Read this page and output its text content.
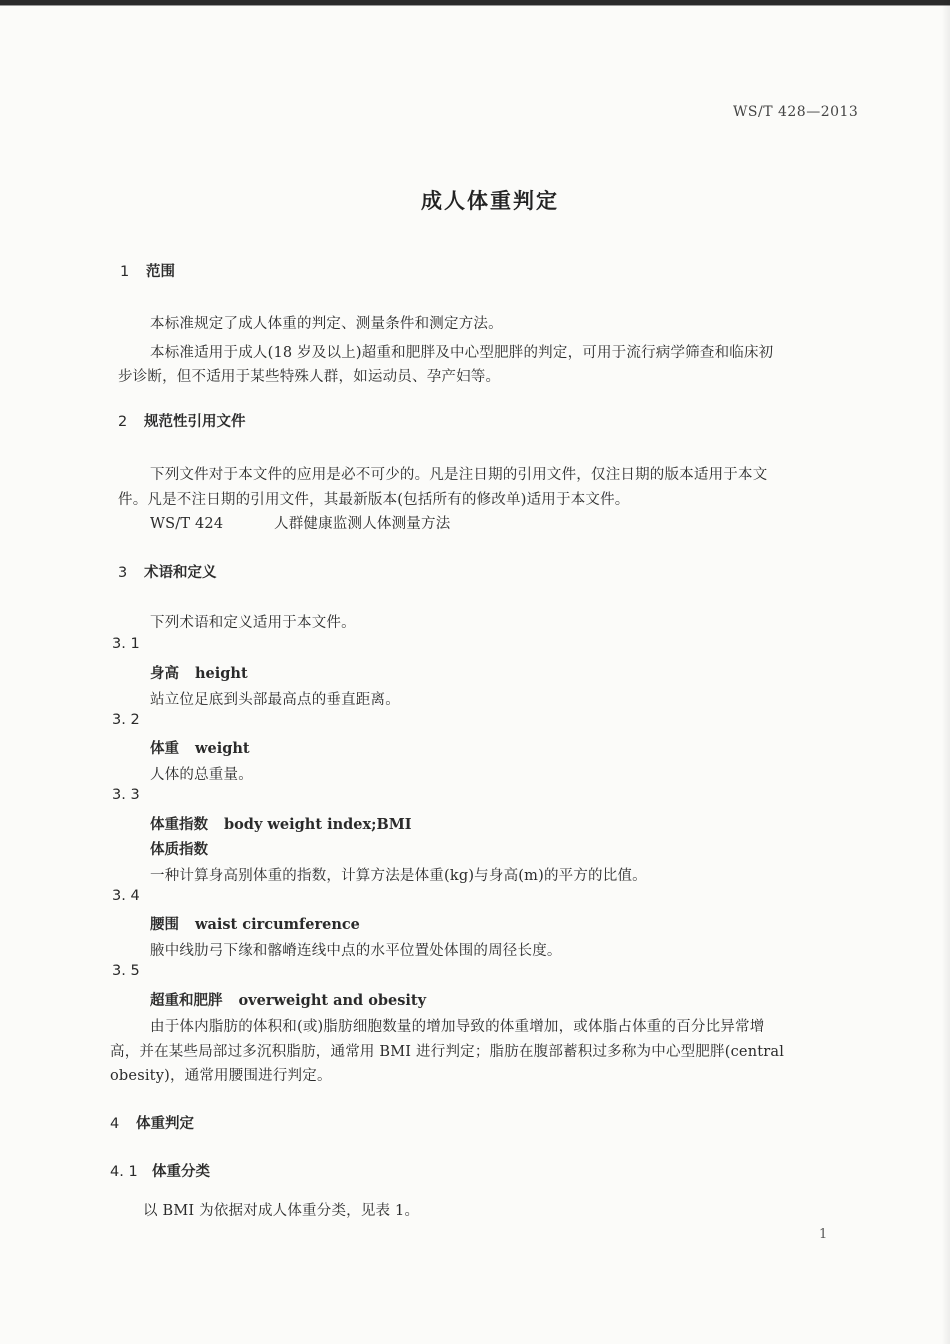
WS/T 428—2013
成人体重判定
1 范围
本标准规定了成人体重的判定、测量条件和测定方法。
本标准适用于成人(18 岁及以上)超重和肥胖及中心型肥胖的判定，可用于流行病学筛查和临床初
步诊断，但不适用于某些特殊人群，如运动员、孕产妇等。
2 规范性引用文件
下列文件对于本文件的应用是必不可少的。凡是注日期的引用文件，仅注日期的版本适用于本文
件。凡是不注日期的引用文件，其最新版本(包括所有的修改单)适用于本文件。
WS/T 424	人群健康监测人体测量方法
3 术语和定义
下列术语和定义适用于本文件。
3. 1
身高 height
站立位足底到头部最高点的垂直距离。
3. 2
体重 weight
人体的总重量。
3. 3
体重指数 body weight index;BMI
体质指数
一种计算身高别体重的指数，计算方法是体重(kg)与身高(m)的平方的比值。
3. 4
腰围 waist circumference
腋中线肋弓下缘和髂嵴连线中点的水平位置处体围的周径长度。
3. 5
超重和肥胖 overweight and obesity
由于体内脂肪的体积和(或)脂肪细胞数量的增加导致的体重增加，或体脂占体重的百分比异常增
高，并在某些局部过多沉积脂肪，通常用 BMI 进行判定；脂肪在腹部蓄积过多称为中心型肥胖(central
obesity)，通常用腰围进行判定。
4 体重判定
4. 1 体重分类
以 BMI 为依据对成人体重分类，见表 1。
1
